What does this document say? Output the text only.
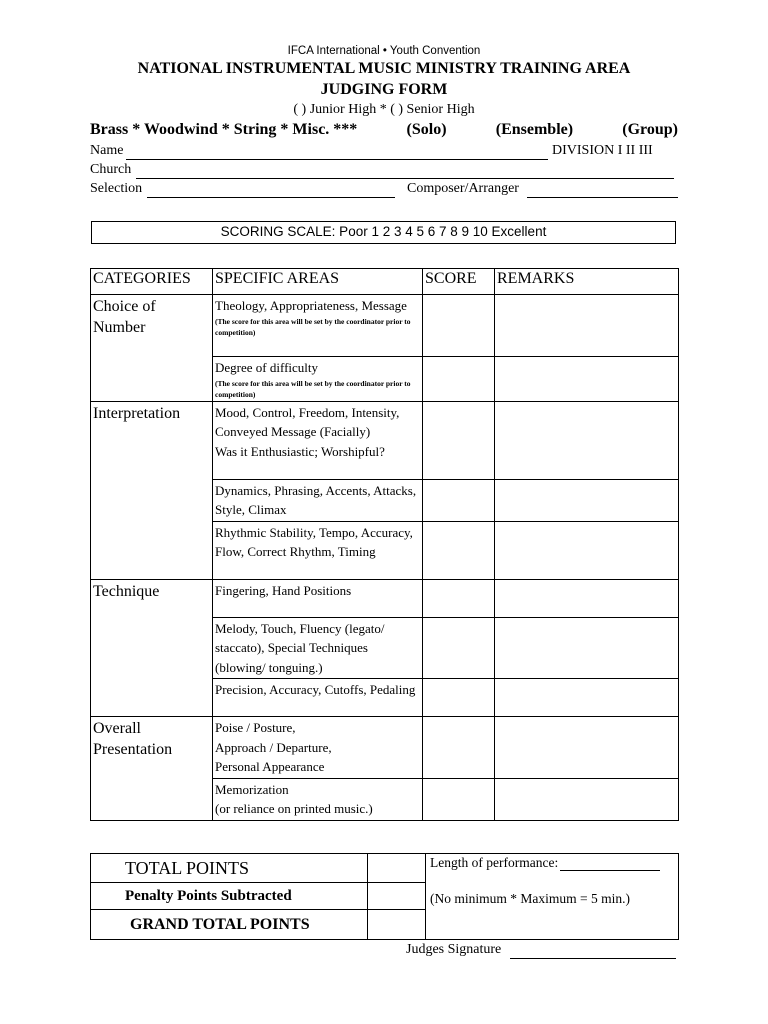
IFCA International • Youth Convention
NATIONAL INSTRUMENTAL MUSIC MINISTRY TRAINING AREA
JUDGING FORM
( ) Junior High * ( ) Senior High
Brass * Woodwind * String * Misc. ***	(Solo)	(Ensemble)	(Group)
Name	DIVISION I II III
Church
Selection	Composer/Arranger
SCORING SCALE: Poor 1 2 3 4 5 6 7 8 9 10 Excellent
CATEGORIES	SPECIFIC AREAS	SCORE	REMARKS
Choice of Number	Theology, Appropriateness, Message
(The score for this area will be set by the coordinator prior to competition)		

	Degree of difficulty
(The score for this area will be set by the coordinator prior to competition)		

Interpretation	Mood, Control, Freedom, Intensity, Conveyed Message (Facially)
Was it Enthusiastic; Worshipful?		

	Dynamics, Phrasing, Accents, Attacks, Style, Climax		
	Rhythmic Stability, Tempo, Accuracy, Flow, Correct Rhythm, Timing		
Technique	Fingering, Hand Positions		
	Melody, Touch, Fluency (legato/ staccato), Special Techniques (blowing/ tonguing.)		
	Precision, Accuracy, Cutoffs, Pedaling		
Overall Presentation	Poise / Posture,
Approach / Departure,
Personal Appearance		

	Memorization
(or reliance on printed music.)		

TOTAL POINTS		Length of performance:
(No minimum * Maximum = 5 min.)

Penalty Points Subtracted		
GRAND TOTAL POINTS		
Judges Signature
